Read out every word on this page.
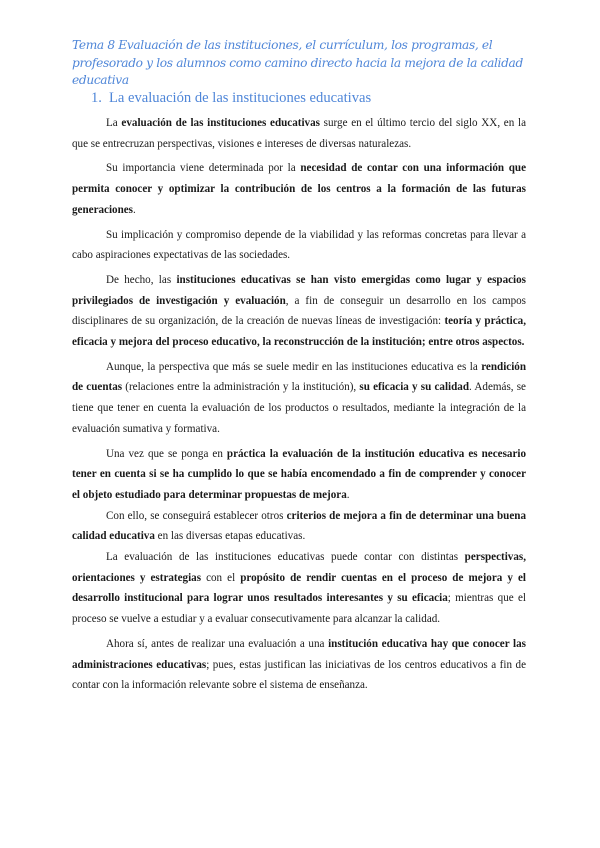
Tema 8 Evaluación de las instituciones, el currículum, los programas, el profesorado y los alumnos como camino directo hacia la mejora de la calidad educativa
1. La evaluación de las instituciones educativas

La evaluación de las instituciones educativas surge en el último tercio del siglo XX, en la que se entrecruzan perspectivas, visiones e intereses de diversas naturalezas.

Su importancia viene determinada por la necesidad de contar con una información que permita conocer y optimizar la contribución de los centros a la formación de las futuras generaciones.

Su implicación y compromiso depende de la viabilidad y las reformas concretas para llevar a cabo aspiraciones expectativas de las sociedades.

De hecho, las instituciones educativas se han visto emergidas como lugar y espacios privilegiados de investigación y evaluación, a fin de conseguir un desarrollo en los campos disciplinares de su organización, de la creación de nuevas líneas de investigación: teoría y práctica, eficacia y mejora del proceso educativo, la reconstrucción de la institución; entre otros aspectos.

Aunque, la perspectiva que más se suele medir en las instituciones educativa es la rendición de cuentas (relaciones entre la administración y la institución), su eficacia y su calidad. Además, se tiene que tener en cuenta la evaluación de los productos o resultados, mediante la integración de la evaluación sumativa y formativa.

Una vez que se ponga en práctica la evaluación de la institución educativa es necesario tener en cuenta si se ha cumplido lo que se había encomendado a fin de comprender y conocer el objeto estudiado para determinar propuestas de mejora.

Con ello, se conseguirá establecer otros criterios de mejora a fin de determinar una buena calidad educativa en las diversas etapas educativas.

La evaluación de las instituciones educativas puede contar con distintas perspectivas, orientaciones y estrategias con el propósito de rendir cuentas en el proceso de mejora y el desarrollo institucional para lograr unos resultados interesantes y su eficacia; mientras que el proceso se vuelve a estudiar y a evaluar consecutivamente para alcanzar la calidad.

Ahora sí, antes de realizar una evaluación a una institución educativa hay que conocer las administraciones educativas; pues, estas justifican las iniciativas de los centros educativos a fin de contar con la información relevante sobre el sistema de enseñanza.
